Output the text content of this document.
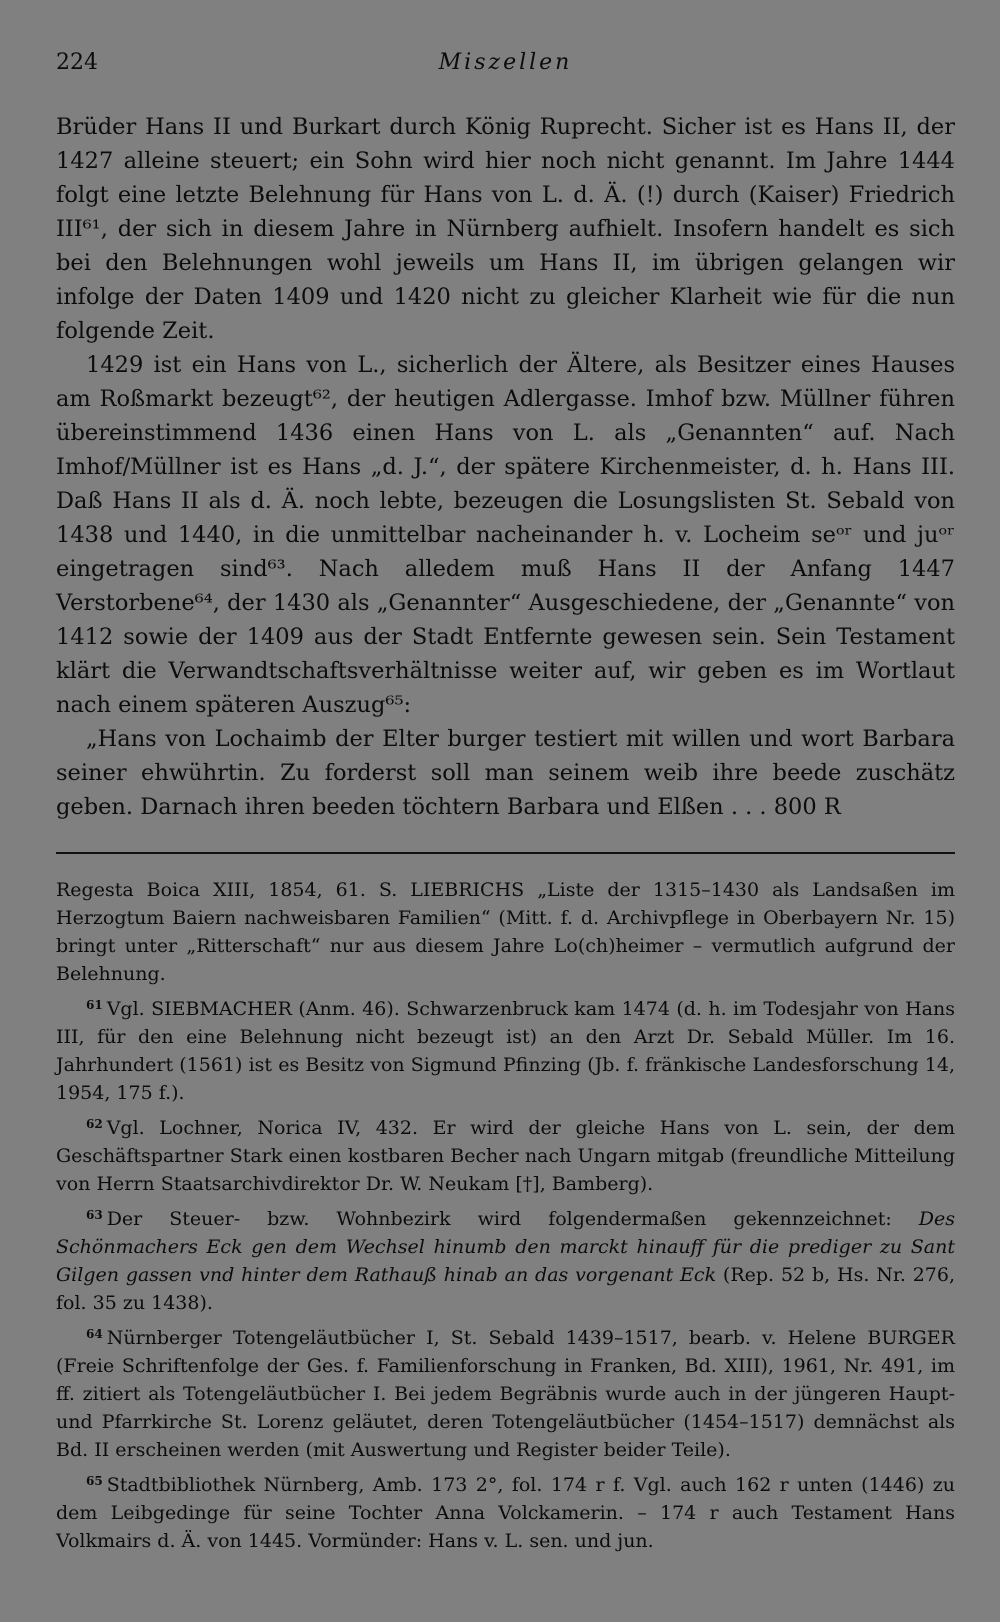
224	Miszellen

Brüder Hans II und Burkart durch König Ruprecht. Sicher ist es Hans II, der 1427 alleine steuert; ein Sohn wird hier noch nicht genannt. Im Jahre 1444 folgt eine letzte Belehnung für Hans von L. d. Ä. (!) durch (Kaiser) Friedrich III⁶¹, der sich in diesem Jahre in Nürnberg aufhielt. Insofern handelt es sich bei den Belehnungen wohl jeweils um Hans II, im übrigen gelangen wir infolge der Daten 1409 und 1420 nicht zu gleicher Klarheit wie für die nun folgende Zeit.

1429 ist ein Hans von L., sicherlich der Ältere, als Besitzer eines Hauses am Roßmarkt bezeugt⁶², der heutigen Adlergasse. Imhof bzw. Müllner führen übereinstimmend 1436 einen Hans von L. als „Genannten“ auf. Nach Imhof/Müllner ist es Hans „d. J.“, der spätere Kirchenmeister, d. h. Hans III. Daß Hans II als d. Ä. noch lebte, bezeugen die Losungslisten St. Sebald von 1438 und 1440, in die unmittelbar nacheinander h. v. Locheim seᵒʳ und juᵒʳ eingetragen sind⁶³. Nach alledem muß Hans II der Anfang 1447 Verstorbene⁶⁴, der 1430 als „Genannter“ Ausgeschiedene, der „Genannte“ von 1412 sowie der 1409 aus der Stadt Entfernte gewesen sein. Sein Testament klärt die Verwandtschaftsverhältnisse weiter auf, wir geben es im Wortlaut nach einem späteren Auszug⁶⁵:

„Hans von Lochaimb der Elter burger testiert mit willen und wort Barbara seiner ehwührtin. Zu forderst soll man seinem weib ihre beede zuschätz geben. Darnach ihren beeden töchtern Barbara und Elßen . . . 800 R

Regesta Boica XIII, 1854, 61. S. LIEBRICHS „Liste der 1315–1430 als Landsaßen im Herzogtum Baiern nachweisbaren Familien“ (Mitt. f. d. Archivpflege in Oberbayern Nr. 15) bringt unter „Ritterschaft“ nur aus diesem Jahre Lo(ch)heimer – vermutlich aufgrund der Belehnung.

$^{61}$ Vgl. SIEBMACHER (Anm. 46). Schwarzenbruck kam 1474 (d. h. im Todesjahr von Hans III, für den eine Belehnung nicht bezeugt ist) an den Arzt Dr. Sebald Müller. Im 16. Jahrhundert (1561) ist es Besitz von Sigmund Pfinzing (Jb. f. fränkische Landesforschung 14, 1954, 175 f.).

$^{62}$ Vgl. Lochner, Norica IV, 432. Er wird der gleiche Hans von L. sein, der dem Geschäftspartner Stark einen kostbaren Becher nach Ungarn mitgab (freundliche Mitteilung von Herrn Staatsarchivdirektor Dr. W. Neukam [†], Bamberg).

$^{63}$ Der Steuer- bzw. Wohnbezirk wird folgendermaßen gekennzeichnet: Des Schönmachers Eck gen dem Wechsel hinumb den marckt hinauff für die prediger zu Sant Gilgen gassen vnd hinter dem Rathauß hinab an das vorgenant Eck (Rep. 52 b, Hs. Nr. 276, fol. 35 zu 1438).

$^{64}$ Nürnberger Totengeläutbücher I, St. Sebald 1439–1517, bearb. v. Helene BURGER (Freie Schriftenfolge der Ges. f. Familienforschung in Franken, Bd. XIII), 1961, Nr. 491, im ff. zitiert als Totengeläutbücher I. Bei jedem Begräbnis wurde auch in der jüngeren Haupt- und Pfarrkirche St. Lorenz geläutet, deren Totengeläutbücher (1454–1517) demnächst als Bd. II erscheinen werden (mit Auswertung und Register beider Teile).

$^{65}$ Stadtbibliothek Nürnberg, Amb. 173 2°, fol. 174 r f. Vgl. auch 162 r unten (1446) zu dem Leibgedinge für seine Tochter Anna Volckamerin. – 174 r auch Testament Hans Volkmairs d. Ä. von 1445. Vormünder: Hans v. L. sen. und jun.
